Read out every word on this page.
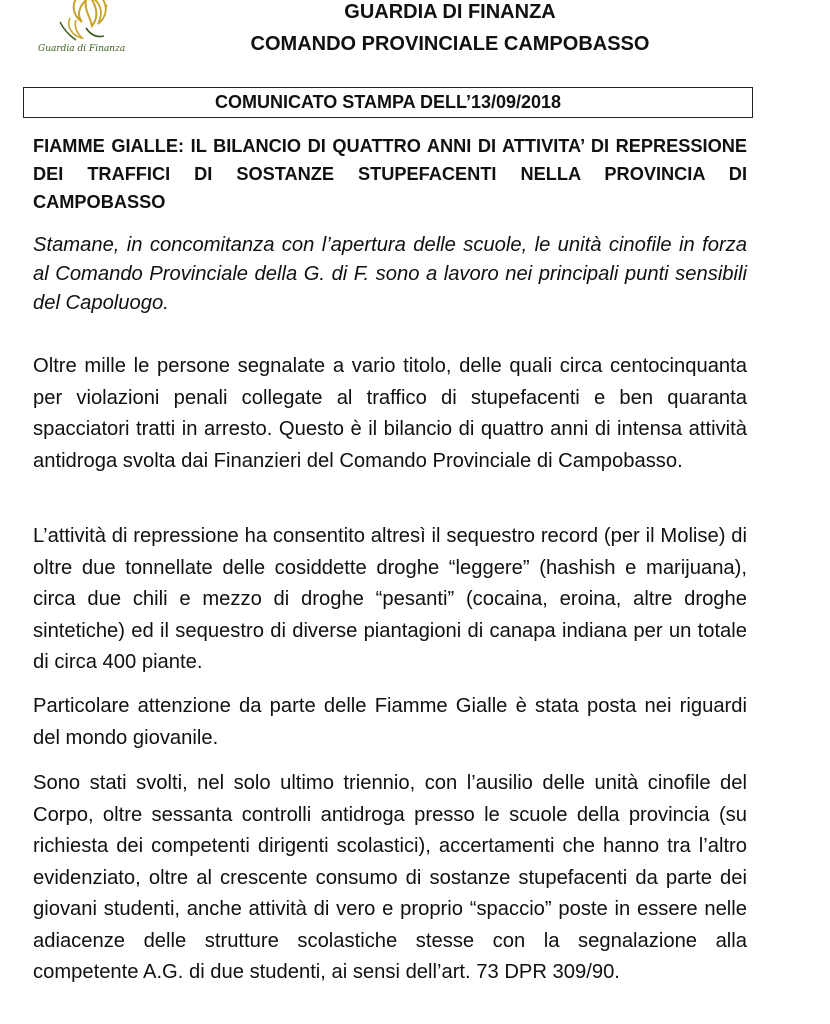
Guardia di Finanza
GUARDIA DI FINANZA
COMANDO PROVINCIALE CAMPOBASSO
COMUNICATO STAMPA DELL’13/09/2018
FIAMME GIALLE: IL BILANCIO DI QUATTRO ANNI DI ATTIVITA’ DI REPRESSIONE DEI TRAFFICI DI SOSTANZE STUPEFACENTI NELLA PROVINCIA DI CAMPOBASSO
Stamane, in concomitanza con l’apertura delle scuole, le unità cinofile in forza al Comando Provinciale della G. di F. sono a lavoro nei principali punti sensibili del Capoluogo.
Oltre mille le persone segnalate a vario titolo, delle quali circa centocinquanta per violazioni penali collegate al traffico di stupefacenti e ben quaranta spacciatori tratti in arresto. Questo è il bilancio di quattro anni di intensa attività antidroga svolta dai Finanzieri del Comando Provinciale di Campobasso.
L’attività di repressione ha consentito altresì il sequestro record (per il Molise) di oltre due tonnellate delle cosiddette droghe “leggere” (hashish e marijuana), circa due chili e mezzo di droghe “pesanti” (cocaina, eroina, altre droghe sintetiche) ed il sequestro di diverse piantagioni di canapa indiana per un totale di circa 400 piante.
Particolare attenzione da parte delle Fiamme Gialle è stata posta nei riguardi del mondo giovanile.
Sono stati svolti, nel solo ultimo triennio, con l’ausilio delle unità cinofile del Corpo, oltre sessanta controlli antidroga presso le scuole della provincia (su richiesta dei competenti dirigenti scolastici), accertamenti che hanno tra l’altro evidenziato, oltre al crescente consumo di sostanze stupefacenti da parte dei giovani studenti, anche attività di vero e proprio “spaccio” poste in essere nelle adiacenze delle strutture scolastiche stesse con la segnalazione alla competente A.G. di due studenti, ai sensi dell’art. 73 DPR 309/90.
